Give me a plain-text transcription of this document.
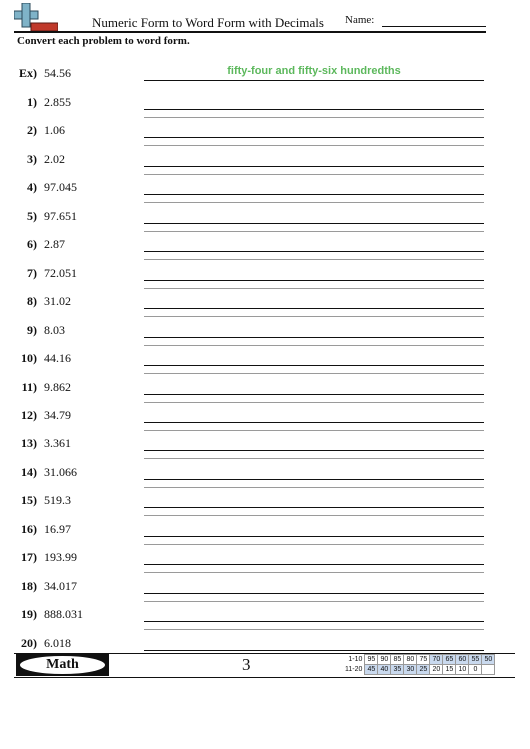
Numeric Form to Word Form with Decimals Name:
Convert each problem to word form.
Ex) 54.56	fifty-four and fifty-six hundredths
1) 2.855
2) 1.06
3) 2.02
4) 97.045
5) 97.651
6) 2.87
7) 72.051
8) 31.02
9) 8.03
10) 44.16
11) 9.862
12) 34.79
13) 3.361
14) 31.066
15) 519.3
16) 16.97
17) 193.99
18) 34.017
19) 888.031
20) 6.018
Math	3	1-10	95	90	85	80	75	70	65	60	55	50
11-20	45	40	35	30	25	20	15	10	0	
